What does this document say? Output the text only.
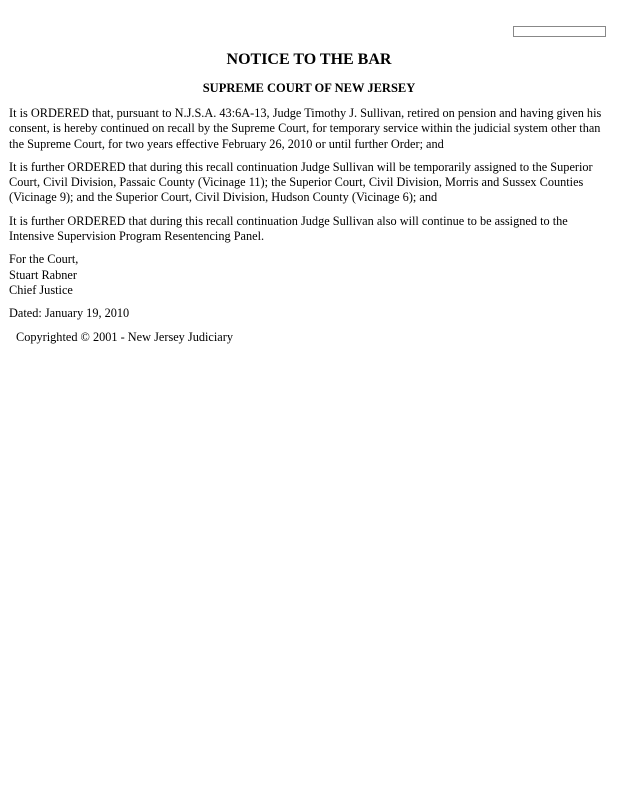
NOTICE TO THE BAR
SUPREME COURT OF NEW JERSEY

It is ORDERED that, pursuant to N.J.S.A. 43:6A-13, Judge Timothy J. Sullivan, retired on pension and having given his consent, is hereby continued on recall by the Supreme Court, for temporary service within the judicial system other than the Supreme Court, for two years effective February 26, 2010 or until further Order; and

It is further ORDERED that during this recall continuation Judge Sullivan will be temporarily assigned to the Superior Court, Civil Division, Passaic County (Vicinage 11); the Superior Court, Civil Division, Morris and Sussex Counties (Vicinage 9); and the Superior Court, Civil Division, Hudson County (Vicinage 6); and

It is further ORDERED that during this recall continuation Judge Sullivan also will continue to be assigned to the Intensive Supervision Program Resentencing Panel.

For the Court,
Stuart Rabner
Chief Justice
Dated: January 19, 2010
Copyrighted © 2001 - New Jersey Judiciary
